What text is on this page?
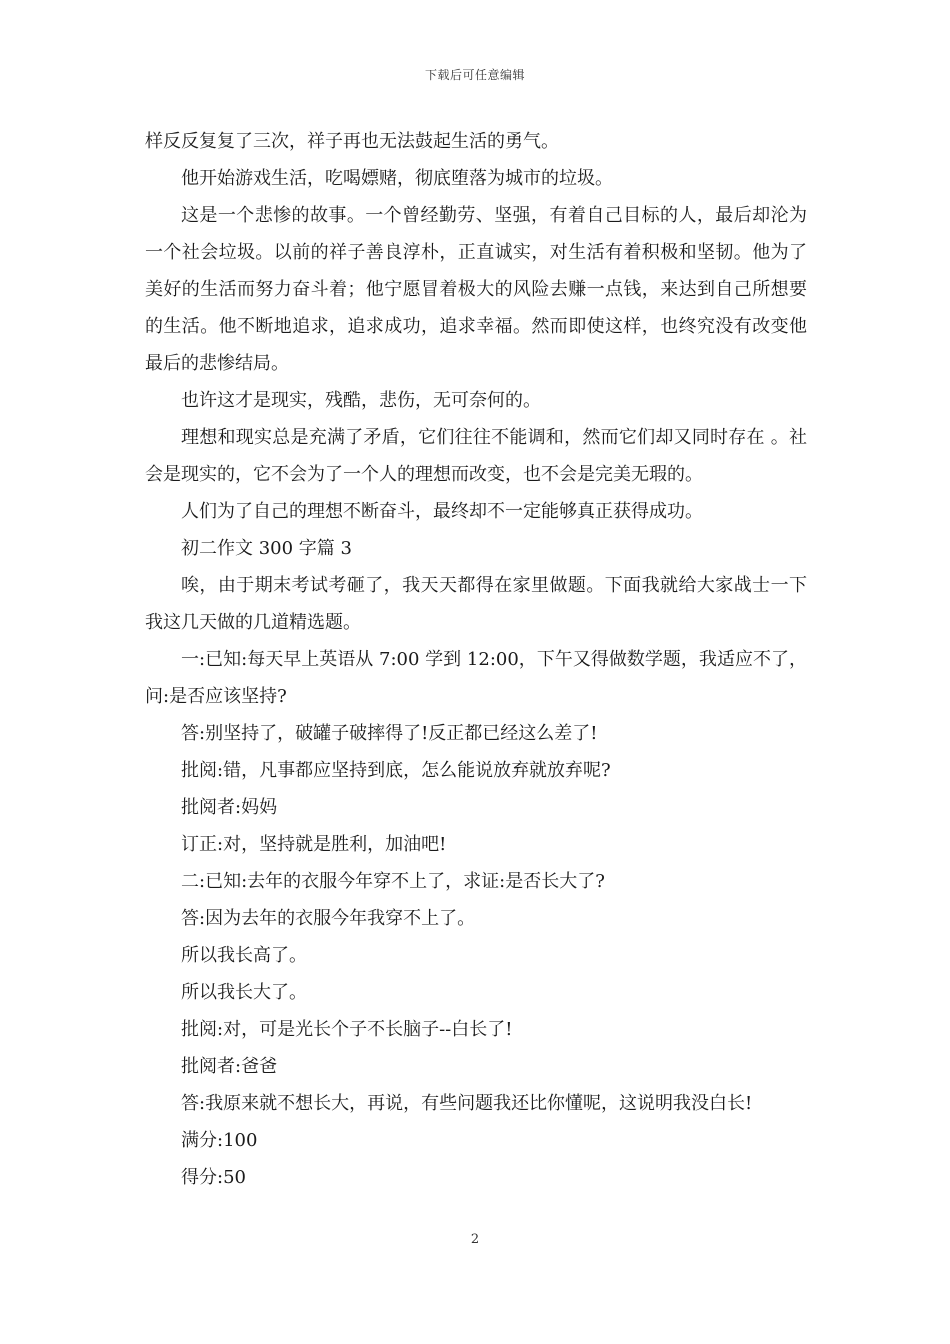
下载后可任意编辑

样反反复复了三次，祥子再也无法鼓起生活的勇气。

他开始游戏生活，吃喝嫖赌，彻底堕落为城市的垃圾。

这是一个悲惨的故事。一个曾经勤劳、坚强，有着自己目标的人，最后却沦为一个社会垃圾。以前的祥子善良淳朴，正直诚实，对生活有着积极和坚韧。他为了美好的生活而努力奋斗着；他宁愿冒着极大的风险去赚一点钱，来达到自己所想要的生活。他不断地追求，追求成功，追求幸福。然而即使这样，也终究没有改变他最后的悲惨结局。

也许这才是现实，残酷，悲伤，无可奈何的。

理想和现实总是充满了矛盾，它们往往不能调和，然而它们却又同时存在 。社会是现实的，它不会为了一个人的理想而改变，也不会是完美无瑕的。

人们为了自己的理想不断奋斗，最终却不一定能够真正获得成功。

初二作文 300 字篇 3

唉，由于期末考试考砸了，我天天都得在家里做题。下面我就给大家战士一下我这几天做的几道精选题。

一:已知:每天早上英语从 7:00 学到 12:00，下午又得做数学题，我适应不了，问:是否应该坚持?

答:别坚持了，破罐子破摔得了!反正都已经这么差了!

批阅:错，凡事都应坚持到底，怎么能说放弃就放弃呢?

批阅者:妈妈

订正:对，坚持就是胜利，加油吧!

二:已知:去年的衣服今年穿不上了，求证:是否长大了?

答:因为去年的衣服今年我穿不上了。

所以我长高了。

所以我长大了。

批阅:对，可是光长个子不长脑子--白长了!

批阅者:爸爸

答:我原来就不想长大，再说，有些问题我还比你懂呢，这说明我没白长!

满分:100

得分:50

2
